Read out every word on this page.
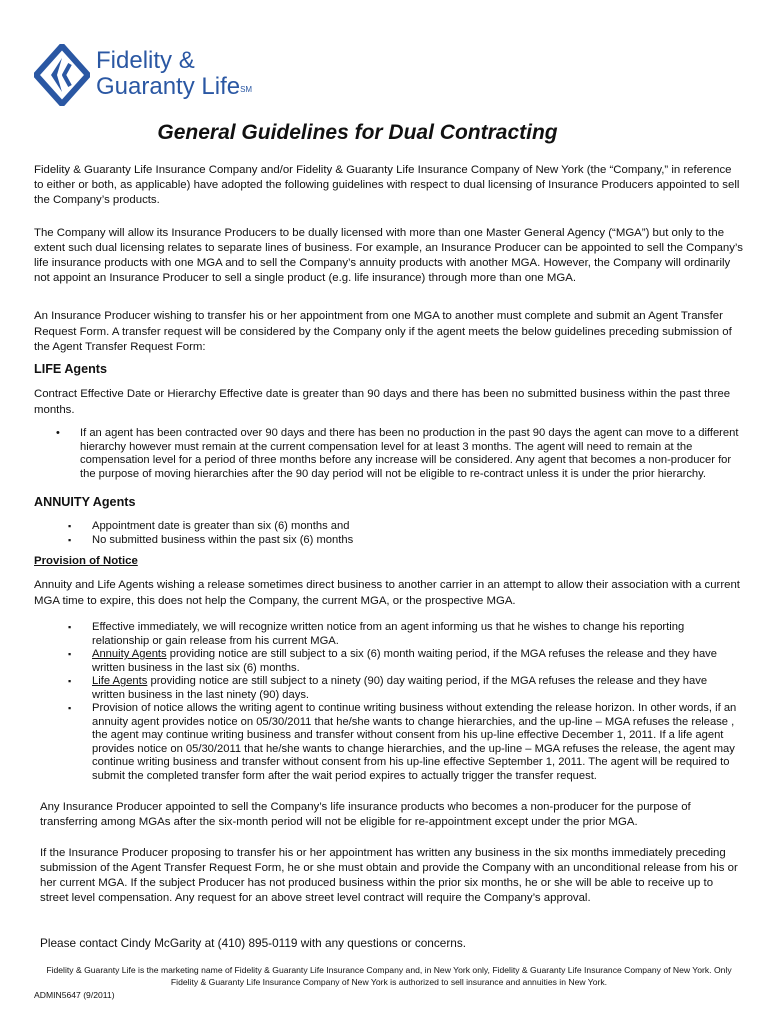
Fidelity &
Guaranty Life℠
General Guidelines for Dual Contracting

Fidelity & Guaranty Life Insurance Company and/or Fidelity & Guaranty Life Insurance Company of New York (the “Company,” in reference to either or both, as applicable) have adopted the following guidelines with respect to dual licensing of Insurance Producers appointed to sell the Company’s products.

The Company will allow its Insurance Producers to be dually licensed with more than one Master General Agency (“MGA”) but only to the extent such dual licensing relates to separate lines of business. For example, an Insurance Producer can be appointed to sell the Company’s life insurance products with one MGA and to sell the Company’s annuity products with another MGA. However, the Company will ordinarily not appoint an Insurance Producer to sell a single product (e.g. life insurance) through more than one MGA.

An Insurance Producer wishing to transfer his or her appointment from one MGA to another must complete and submit an Agent Transfer Request Form. A transfer request will be considered by the Company only if the agent meets the below guidelines preceding submission of the Agent Transfer Request Form:

LIFE Agents

Contract Effective Date or Hierarchy Effective date is greater than 90 days and there has been no submitted business within the past three months.

• If an agent has been contracted over 90 days and there has been no production in the past 90 days the agent can move to a different hierarchy however must remain at the current compensation level for at least 3 months. The agent will need to remain at the compensation level for a period of three months before any increase will be considered. Any agent that becomes a non-producer for the purpose of moving hierarchies after the 90 day period will not be eligible to re-contract unless it is under the prior hierarchy.
ANNUITY Agents
▪ Appointment date is greater than six (6) months and
▪ No submitted business within the past six (6) months
Provision of Notice

Annuity and Life Agents wishing a release sometimes direct business to another carrier in an attempt to allow their association with a current MGA time to expire, this does not help the Company, the current MGA, or the prospective MGA.

▪ Effective immediately, we will recognize written notice from an agent informing us that he wishes to change his reporting relationship or gain release from his current MGA.
▪ Annuity Agents providing notice are still subject to a six (6) month waiting period, if the MGA refuses the release and they have written business in the last six (6) months.
▪ Life Agents providing notice are still subject to a ninety (90) day waiting period, if the MGA refuses the release and they have written business in the last ninety (90) days.
▪ Provision of notice allows the writing agent to continue writing business without extending the release horizon. In other words, if an annuity agent provides notice on 05/30/2011 that he/she wants to change hierarchies, and the up-line – MGA refuses the release , the agent may continue writing business and transfer without consent from his up-line effective December 1, 2011. If a life agent provides notice on 05/30/2011 that he/she wants to change hierarchies, and the up-line – MGA refuses the release, the agent may continue writing business and transfer without consent from his up-line effective September 1, 2011. The agent will be required to submit the completed transfer form after the wait period expires to actually trigger the transfer request.

Any Insurance Producer appointed to sell the Company’s life insurance products who becomes a non-producer for the purpose of transferring among MGAs after the six-month period will not be eligible for re-appointment except under the prior MGA.

If the Insurance Producer proposing to transfer his or her appointment has written any business in the six months immediately preceding submission of the Agent Transfer Request Form, he or she must obtain and provide the Company with an unconditional release from his or her current MGA. If the subject Producer has not produced business within the prior six months, he or she will be able to receive up to street level compensation. Any request for an above street level contract will require the Company’s approval.

Please contact Cindy McGarity at (410) 895-0119 with any questions or concerns.

Fidelity & Guaranty Life is the marketing name of Fidelity & Guaranty Life Insurance Company and, in New York only, Fidelity & Guaranty Life Insurance Company of New York. Only Fidelity & Guaranty Life Insurance Company of New York is authorized to sell insurance and annuities in New York.

ADMIN5647 (9/2011)
